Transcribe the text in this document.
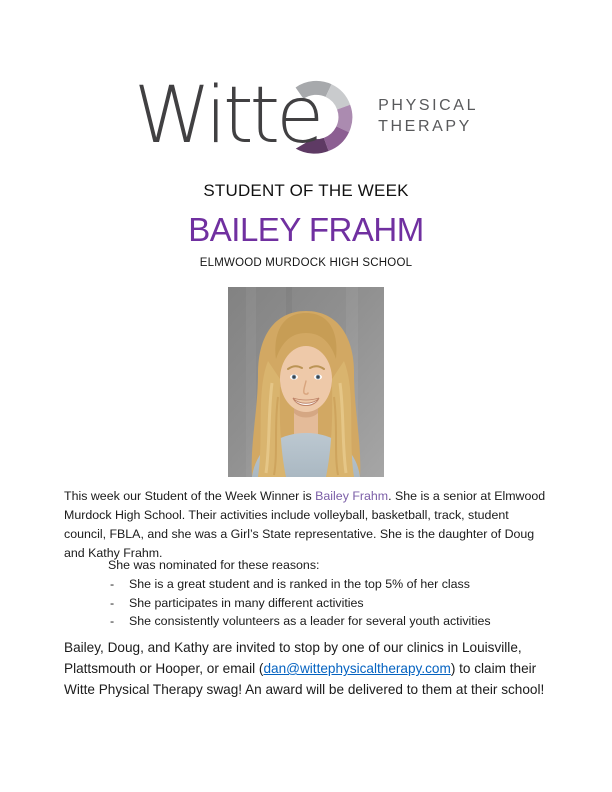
Witte	PHYSICAL
THERAPY
STUDENT OF THE WEEK
BAILEY FRAHM
ELMWOOD MURDOCK HIGH SCHOOL

This week our Student of the Week Winner is Bailey Frahm. She is a senior at Elmwood Murdock High School. Their activities include volleyball, basketball, track, student council, FBLA, and she was a Girl’s State representative. She is the daughter of Doug and Kathy Frahm.

She was nominated for these reasons:

-	She is a great student and is ranked in the top 5% of her class
-	She participates in many different activities
-	She consistently volunteers as a leader for several youth activities

Bailey, Doug, and Kathy are invited to stop by one of our clinics in Louisville, Plattsmouth or Hooper, or email (dan@wittephysicaltherapy.com) to claim their Witte Physical Therapy swag! An award will be delivered to them at their school!
